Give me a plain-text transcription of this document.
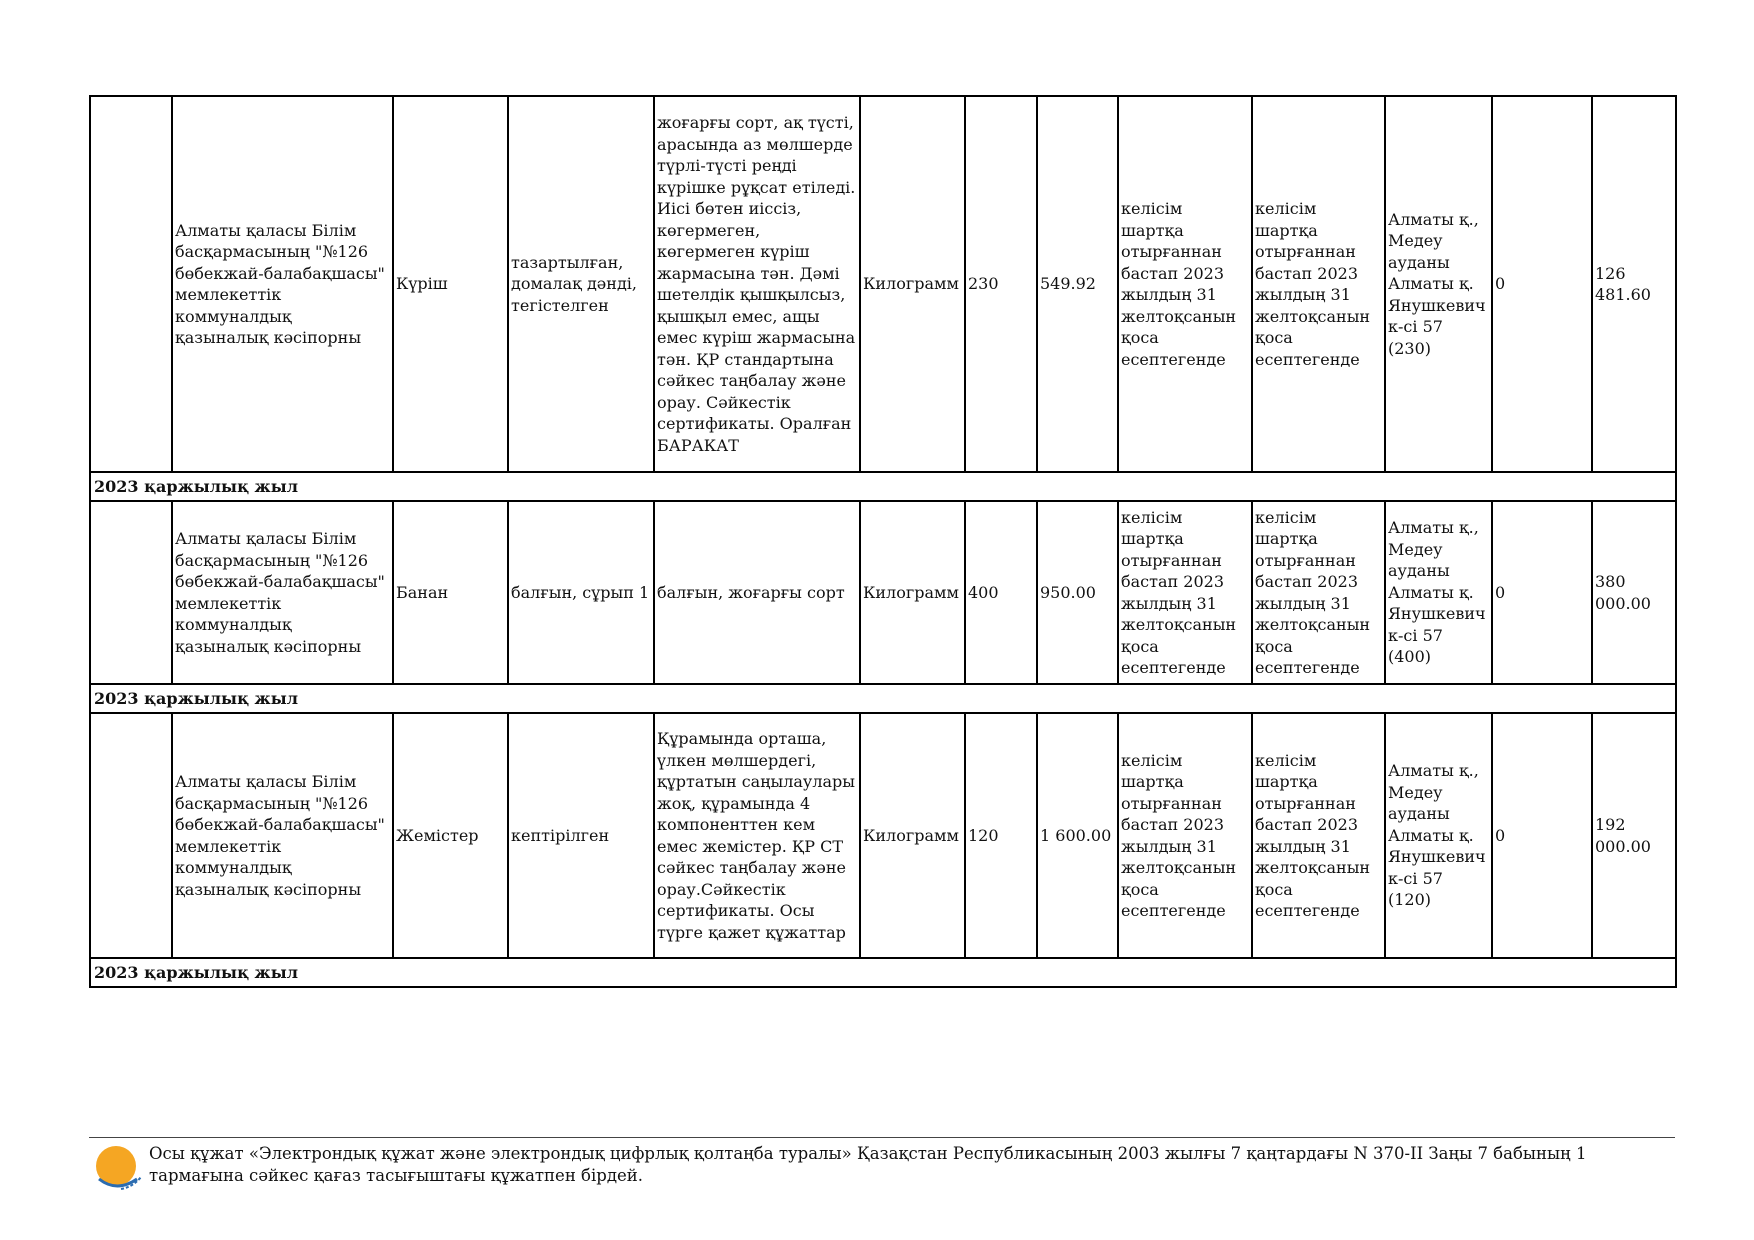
	Алматы қаласы Білім басқармасының "№126 бөбекжай-балабақшасы" мемлекеттік коммуналдық қазыналық кәсіпорны	Күріш	тазартылған, домалақ дәнді, тегістелген	жоғарғы сорт, ақ түсті, арасында аз мөлшерде түрлі-түсті реңді күрішке рұқсат етіледі. Иісі бөтен иіссіз, көгермеген, көгермеген күріш жармасына тән. Дәмі шетелдік қышқылсыз, қышқыл емес, ащы емес күріш жармасына тән. ҚР стандартына сәйкес таңбалау және орау. Сәйкестік сертификаты. Оралған БАРАКАТ	Килограмм	230	549.92	келісім шартқа отырғаннан бастап 2023 жылдың 31 желтоқсанын қоса есептегенде	келісім шартқа отырғаннан бастап 2023 жылдың 31 желтоқсанын қоса есептегенде	Алматы қ., Медеу ауданы Алматы қ. Янушкевич к-сі 57 (230)	0	126 481.60
2023 қаржылық жыл												
	Алматы қаласы Білім басқармасының "№126 бөбекжай-балабақшасы" мемлекеттік коммуналдық қазыналық кәсіпорны	Банан	балғын, сұрып 1	балғын, жоғарғы сорт	Килограмм	400	950.00	келісім шартқа отырғаннан бастап 2023 жылдың 31 желтоқсанын қоса есептегенде	келісім шартқа отырғаннан бастап 2023 жылдың 31 желтоқсанын қоса есептегенде	Алматы қ., Медеу ауданы Алматы қ. Янушкевич к-сі 57 (400)	0	380 000.00
2023 қаржылық жыл												
	Алматы қаласы Білім басқармасының "№126 бөбекжай-балабақшасы" мемлекеттік коммуналдық қазыналық кәсіпорны	Жемістер	кептірілген	Құрамында орташа, үлкен мөлшердегі, құртатын саңылаулары жоқ, құрамында 4 компоненттен кем емес жемістер. ҚР СТ сәйкес таңбалау және орау.Сәйкестік сертификаты. Осы түрге қажет құжаттар	Килограмм	120	1 600.00	келісім шартқа отырғаннан бастап 2023 жылдың 31 желтоқсанын қоса есептегенде	келісім шартқа отырғаннан бастап 2023 жылдың 31 желтоқсанын қоса есептегенде	Алматы қ., Медеу ауданы Алматы қ. Янушкевич к-сі 57 (120)	0	192 000.00
2023 қаржылық жыл												
Осы құжат «Электрондық құжат және электрондық цифрлық қолтаңба туралы» Қазақстан Республикасының 2003 жылғы 7 қаңтардағы N 370-II Заңы 7 бабының 1 тармағына сәйкес қағаз тасығыштағы құжатпен бірдей.
